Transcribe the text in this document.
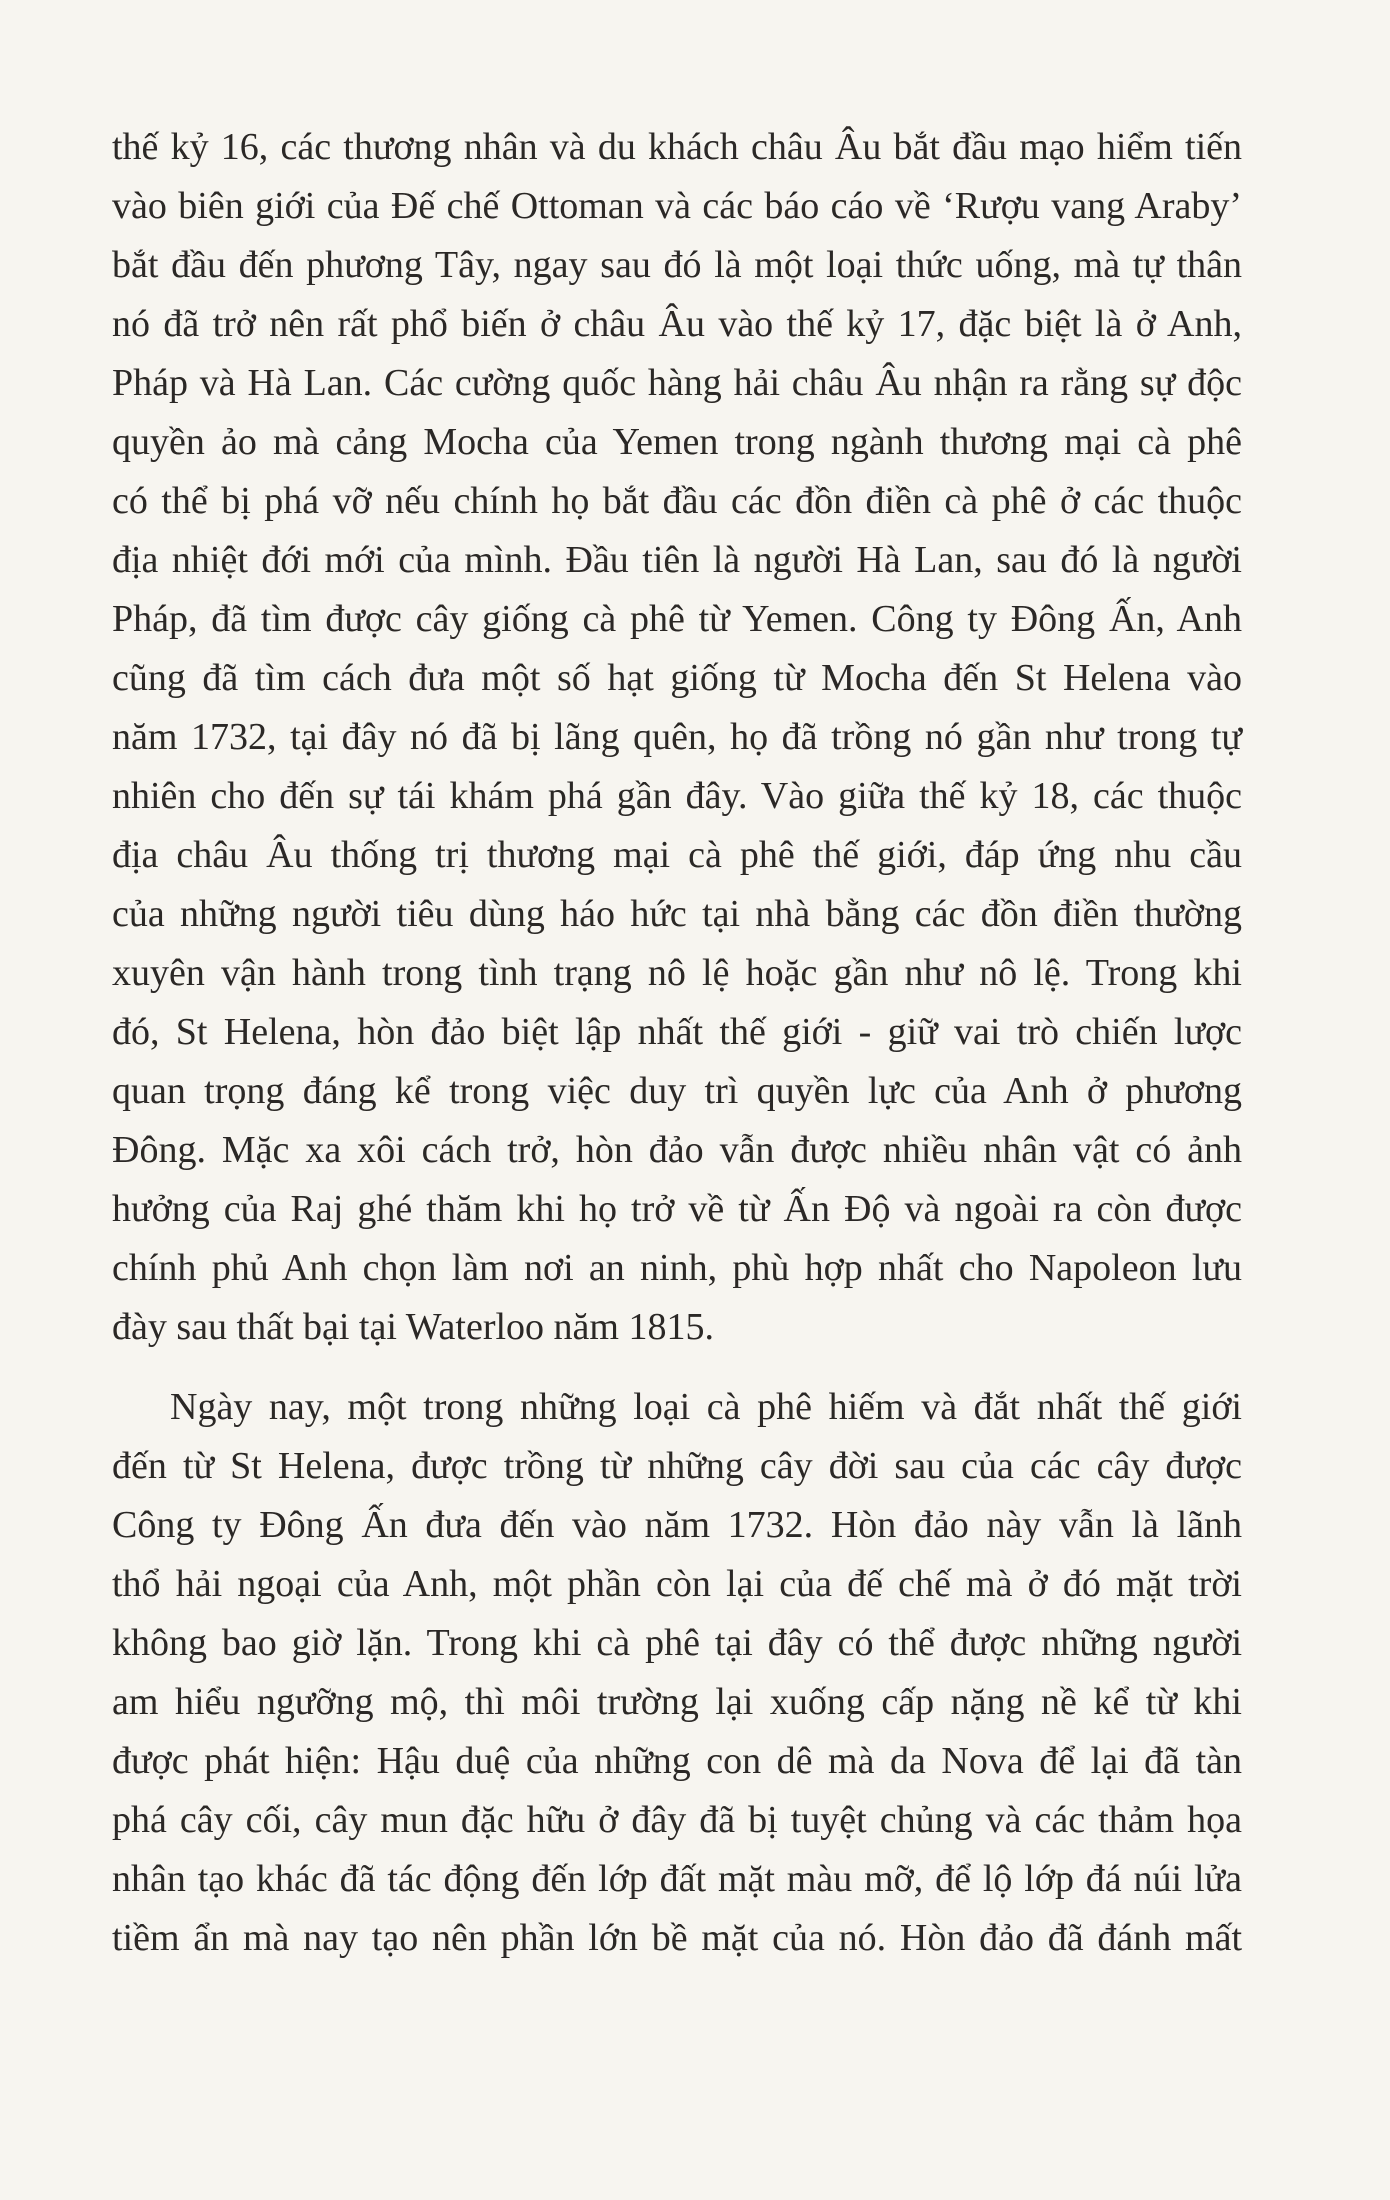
thế kỷ 16, các thương nhân và du khách châu Âu bắt đầu mạo hiểm tiến
vào biên giới của Đế chế Ottoman và các báo cáo về ‘Rượu vang Araby’
bắt đầu đến phương Tây, ngay sau đó là một loại thức uống, mà tự thân
nó đã trở nên rất phổ biến ở châu Âu vào thế kỷ 17, đặc biệt là ở Anh,
Pháp và Hà Lan. Các cường quốc hàng hải châu Âu nhận ra rằng sự độc
quyền ảo mà cảng Mocha của Yemen trong ngành thương mại cà phê
có thể bị phá vỡ nếu chính họ bắt đầu các đồn điền cà phê ở các thuộc
địa nhiệt đới mới của mình. Đầu tiên là người Hà Lan, sau đó là người
Pháp, đã tìm được cây giống cà phê từ Yemen. Công ty Đông Ấn, Anh
cũng đã tìm cách đưa một số hạt giống từ Mocha đến St Helena vào
năm 1732, tại đây nó đã bị lãng quên, họ đã trồng nó gần như trong tự
nhiên cho đến sự tái khám phá gần đây. Vào giữa thế kỷ 18, các thuộc
địa châu Âu thống trị thương mại cà phê thế giới, đáp ứng nhu cầu
của những người tiêu dùng háo hức tại nhà bằng các đồn điền thường
xuyên vận hành trong tình trạng nô lệ hoặc gần như nô lệ. Trong khi
đó, St Helena, hòn đảo biệt lập nhất thế giới - giữ vai trò chiến lược
quan trọng đáng kể trong việc duy trì quyền lực của Anh ở phương
Đông. Mặc xa xôi cách trở, hòn đảo vẫn được nhiều nhân vật có ảnh
hưởng của Raj ghé thăm khi họ trở về từ Ấn Độ và ngoài ra còn được
chính phủ Anh chọn làm nơi an ninh, phù hợp nhất cho Napoleon lưu
đày sau thất bại tại Waterloo năm 1815.
Ngày nay, một trong những loại cà phê hiếm và đắt nhất thế giới
đến từ St Helena, được trồng từ những cây đời sau của các cây được
Công ty Đông Ấn đưa đến vào năm 1732. Hòn đảo này vẫn là lãnh
thổ hải ngoại của Anh, một phần còn lại của đế chế mà ở đó mặt trời
không bao giờ lặn. Trong khi cà phê tại đây có thể được những người
am hiểu ngưỡng mộ, thì môi trường lại xuống cấp nặng nề kể từ khi
được phát hiện: Hậu duệ của những con dê mà da Nova để lại đã tàn
phá cây cối, cây mun đặc hữu ở đây đã bị tuyệt chủng và các thảm họa
nhân tạo khác đã tác động đến lớp đất mặt màu mỡ, để lộ lớp đá núi lửa
tiềm ẩn mà nay tạo nên phần lớn bề mặt của nó. Hòn đảo đã đánh mất
